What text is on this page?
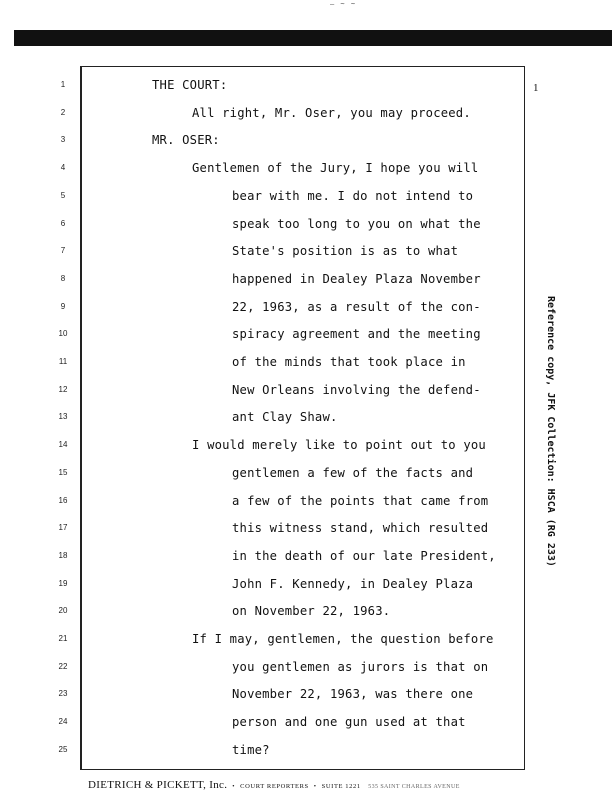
— ~ ~
1	THE COURT:
2	All right, Mr. Oser, you may proceed.
3	MR. OSER:
4	Gentlemen of the Jury, I hope you will
5	bear with me. I do not intend to
6	speak too long to you on what the
7	State's position is as to what
8	happened in Dealey Plaza November
9	22, 1963, as a result of the con-
10	spiracy agreement and the meeting
11	of the minds that took place in
12	New Orleans involving the defend-
13	ant Clay Shaw.
14	I would merely like to point out to you
15	gentlemen a few of the facts and
16	a few of the points that came from
17	this witness stand, which resulted
18	in the death of our late President,
19	John F. Kennedy, in Dealey Plaza
20	on November 22, 1963.
21	If I may, gentlemen, the question before
22	you gentlemen as jurors is that on
23	November 22, 1963, was there one
24	person and one gun used at that
25	time?
1
Reference copy, JFK Collection: HSCA (RG 233)
DIETRICH & PICKETT, Inc. • COURT REPORTERS • SUITE 1221 535 SAINT CHARLES AVENUE
